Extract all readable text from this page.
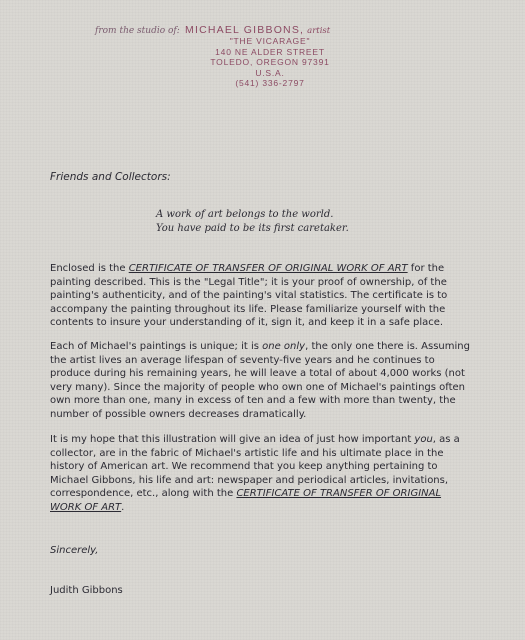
from the studio of: MICHAEL GIBBONS, artist
"THE VICARAGE"
140 NE ALDER STREET
TOLEDO, OREGON 97391
U.S.A.
(541) 336-2797
Friends and Collectors:
A work of art belongs to the world.
You have paid to be its first caretaker.

Enclosed is the CERTIFICATE OF TRANSFER OF ORIGINAL WORK OF ART for the painting described. This is the "Legal Title"; it is your proof of ownership, of the painting's authenticity, and of the painting's vital statistics. The certificate is to accompany the painting throughout its life. Please familiarize yourself with the contents to insure your understanding of it, sign it, and keep it in a safe place.

Each of Michael's paintings is unique; it is one only, the only one there is. Assuming the artist lives an average lifespan of seventy-five years and he continues to produce during his remaining years, he will leave a total of about 4,000 works (not very many). Since the majority of people who own one of Michael's paintings often own more than one, many in excess of ten and a few with more than twenty, the number of possible owners decreases dramatically.

It is my hope that this illustration will give an idea of just how important you, as a collector, are in the fabric of Michael's artistic life and his ultimate place in the history of American art. We recommend that you keep anything pertaining to Michael Gibbons, his life and art: newspaper and periodical articles, invitations, correspondence, etc., along with the CERTIFICATE OF TRANSFER OF ORIGINAL WORK OF ART.

Sincerely,
Judith Gibbons
